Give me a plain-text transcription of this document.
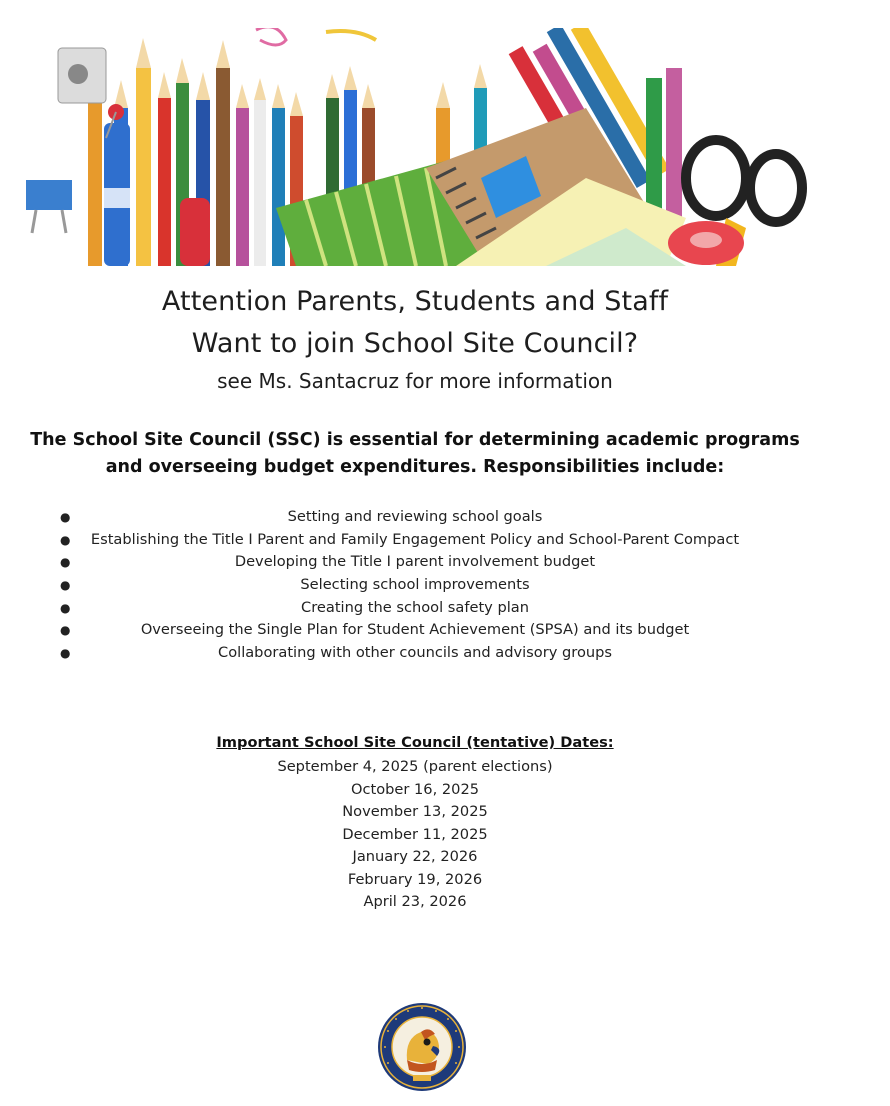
Attention Parents, Students and Staff
Want to join School Site Council?
see Ms. Santacruz for more information
The School Site Council (SSC) is essential for determining academic programs
and overseeing budget expenditures. Responsibilities include:
●	Setting and reviewing school goals
● Establishing the Title I Parent and Family Engagement Policy and School-Parent Compact
●	Developing the Title I parent involvement budget
●	Selecting school improvements
●	Creating the school safety plan
●	Overseeing the Single Plan for Student Achievement (SPSA) and its budget
●	Collaborating with other councils and advisory groups
Important School Site Council (tentative) Dates:
September 4, 2025 (parent elections)
October 16, 2025
November 13, 2025
December 11, 2025
January 22, 2026
February 19, 2026
April 23, 2026
